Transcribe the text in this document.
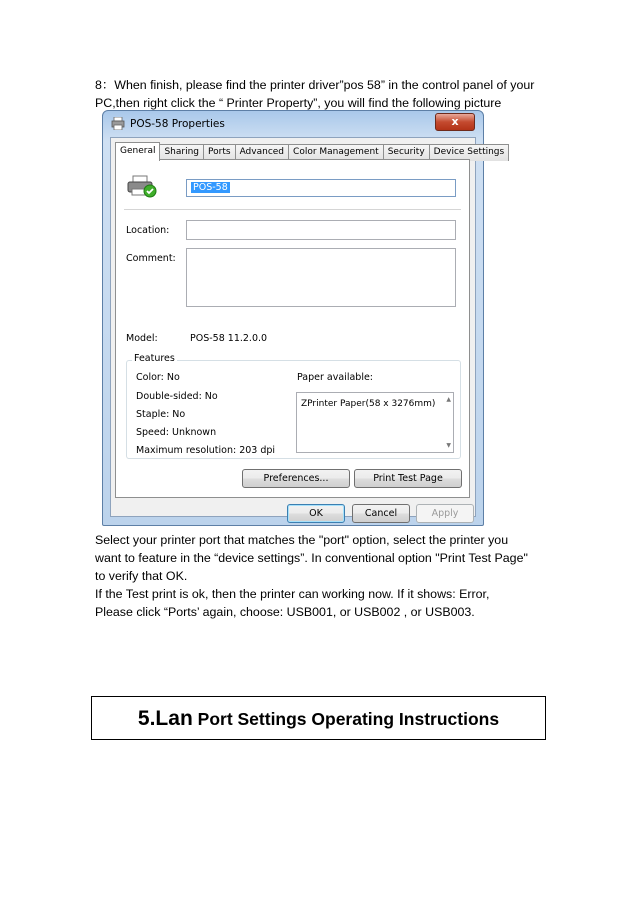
8：When finish, please find the printer driver”pos 58” in the control panel of your

PC,then right click the “ Printer Property”, you will find the following picture

POS-58 Properties	x
General	Sharing	Ports	Advanced	Color Management	Security	Device Settings
POS-58
Location:
Comment:
Model:	POS-58 11.2.0.0
Color: No
Double-sided: No
Staple: No
Speed: Unknown
Maximum resolution: 203 dpi
Paper available:
ZPrinter Paper(58 x 3276mm) ▲
▼
Features
Preferences...	Print Test Page
OK	Cancel	Apply

Select your printer port that matches the "port" option, select the printer you

want to feature in the “device settings”. In conventional option "Print Test Page"

to verify that OK.

If the Test print is ok, then the printer can working now. If it shows: Error,

Please click “Ports’ again, choose: USB001, or USB002 , or USB003.

5.Lan Port Settings Operating Instructions
